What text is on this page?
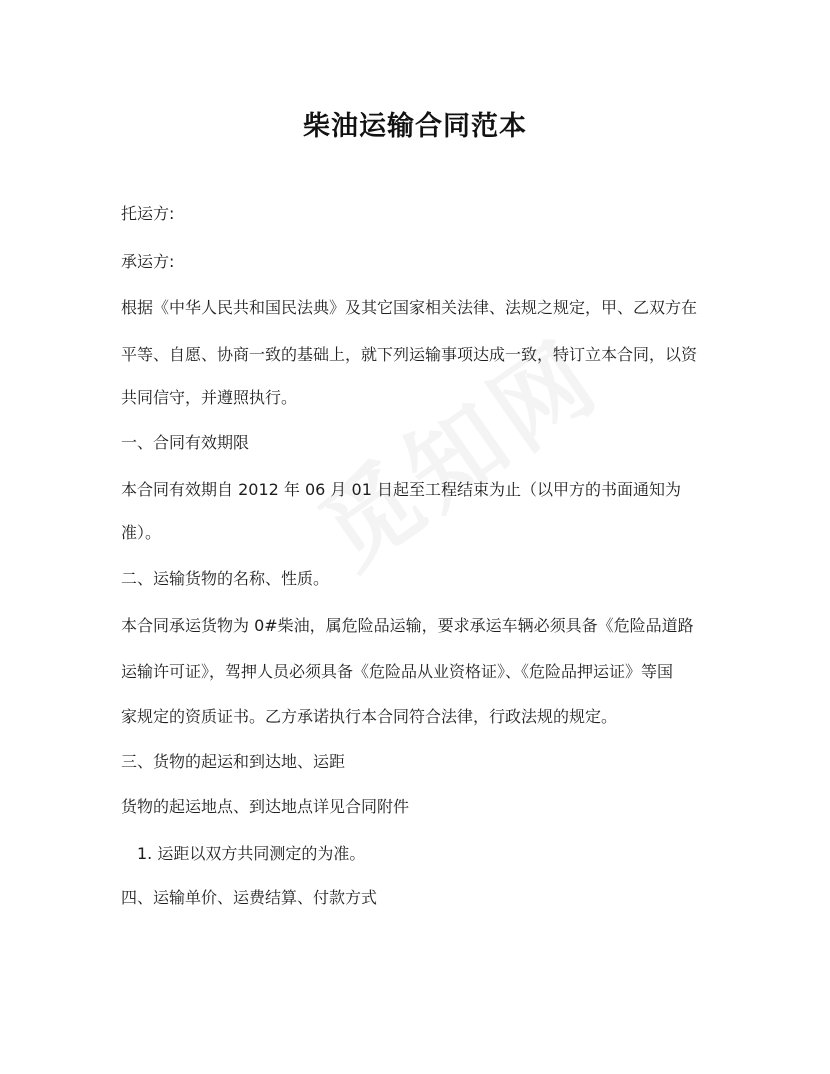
柴油运输合同范本
托运方:
承运方:
根据《中华人民共和国民法典》及其它国家相关法律、法规之规定，甲、乙双方在
平等、自愿、协商一致的基础上，就下列运输事项达成一致，特订立本合同，以资
共同信守，并遵照执行。
一、合同有效期限
本合同有效期自 2012 年 06 月 01 日起至工程结束为止（以甲方的书面通知为
准）。
二、运输货物的名称、性质。
本合同承运货物为 0#柴油，属危险品运输，要求承运车辆必须具备《危险品道路
运输许可证》，驾押人员必须具备《危险品从业资格证》、《危险品押运证》等国
家规定的资质证书。乙方承诺执行本合同符合法律，行政法规的规定。
三、货物的起运和到达地、运距
货物的起运地点、到达地点详见合同附件
1. 运距以双方共同测定的为准。
四、运输单价、运费结算、付款方式
